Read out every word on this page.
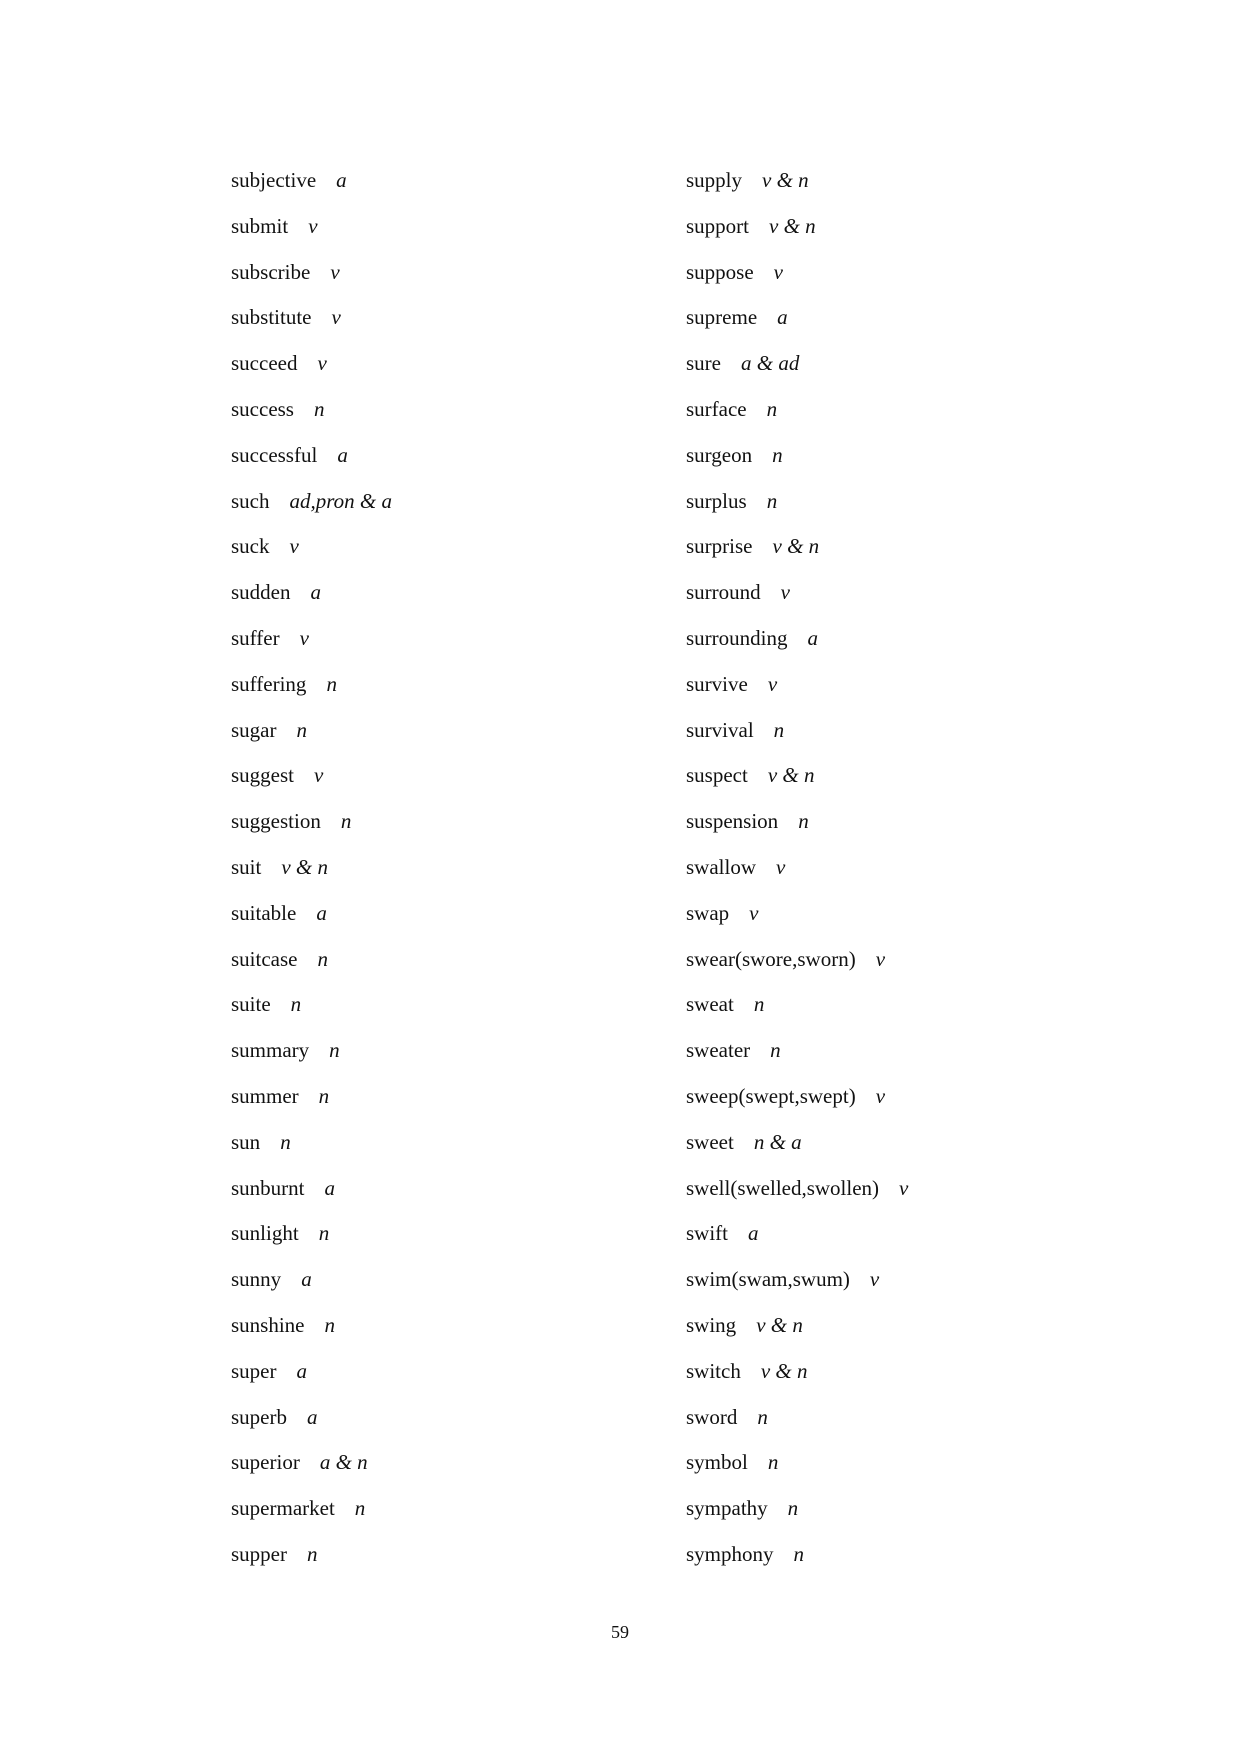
subjective a
submit v
subscribe v
substitute v
succeed v
success n
successful a
such ad,pron & a
suck v
sudden a
suffer v
suffering n
sugar n
suggest v
suggestion n
suit v & n
suitable a
suitcase n
suite n
summary n
summer n
sun n
sunburnt a
sunlight n
sunny a
sunshine n
super a
superb a
superior a & n
supermarket n
supper n
supply v & n
support v & n
suppose v
supreme a
sure a & ad
surface n
surgeon n
surplus n
surprise v & n
surround v
surrounding a
survive v
survival n
suspect v & n
suspension n
swallow v
swap v
swear(swore,sworn) v
sweat n
sweater n
sweep(swept,swept) v
sweet n & a
swell(swelled,swollen) v
swift a
swim(swam,swum) v
swing v & n
switch v & n
sword n
symbol n
sympathy n
symphony n
59
